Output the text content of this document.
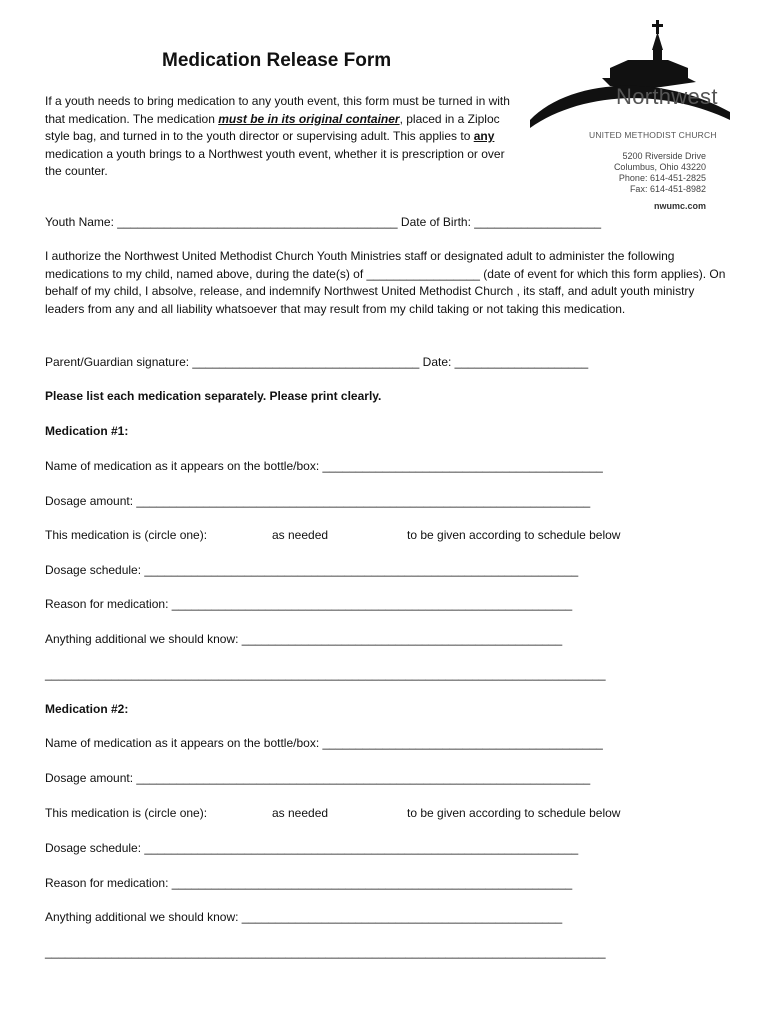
Medication Release Form
If a youth needs to bring medication to any youth event, this form must be turned in with that medication. The medication must be in its original container, placed in a Ziploc style bag, and turned in to the youth director or supervising adult. This applies to any medication a youth brings to a Northwest youth event, whether it is prescription or over the counter.
Northwest
UNITED METHODIST CHURCH
5200 Riverside Drive
Columbus, Ohio 43220
Phone: 614-451-2825
Fax: 614-451-8982
nwumc.com
Youth Name: __________________________________________ Date of Birth: ___________________
I authorize the Northwest United Methodist Church Youth Ministries staff or designated adult to administer the following medications to my child, named above, during the date(s) of _________________ (date of event for which this form applies). On behalf of my child, I absolve, release, and indemnify Northwest United Methodist Church , its staff, and adult youth ministry leaders from any and all liability whatsoever that may result from my child taking or not taking this medication.
Parent/Guardian signature: __________________________________ Date: ____________________
Please list each medication separately. Please print clearly.
Medication #1:
Name of medication as it appears on the bottle/box: __________________________________________
Dosage amount: ____________________________________________________________________
This medication is (circle one):	as needed	to be given according to schedule below
Dosage schedule: _________________________________________________________________
Reason for medication: ____________________________________________________________
Anything additional we should know: ________________________________________________
____________________________________________________________________________________
Medication #2:
Name of medication as it appears on the bottle/box: __________________________________________
Dosage amount: ____________________________________________________________________
This medication is (circle one):	as needed	to be given according to schedule below
Dosage schedule: _________________________________________________________________
Reason for medication: ____________________________________________________________
Anything additional we should know: ________________________________________________
____________________________________________________________________________________
